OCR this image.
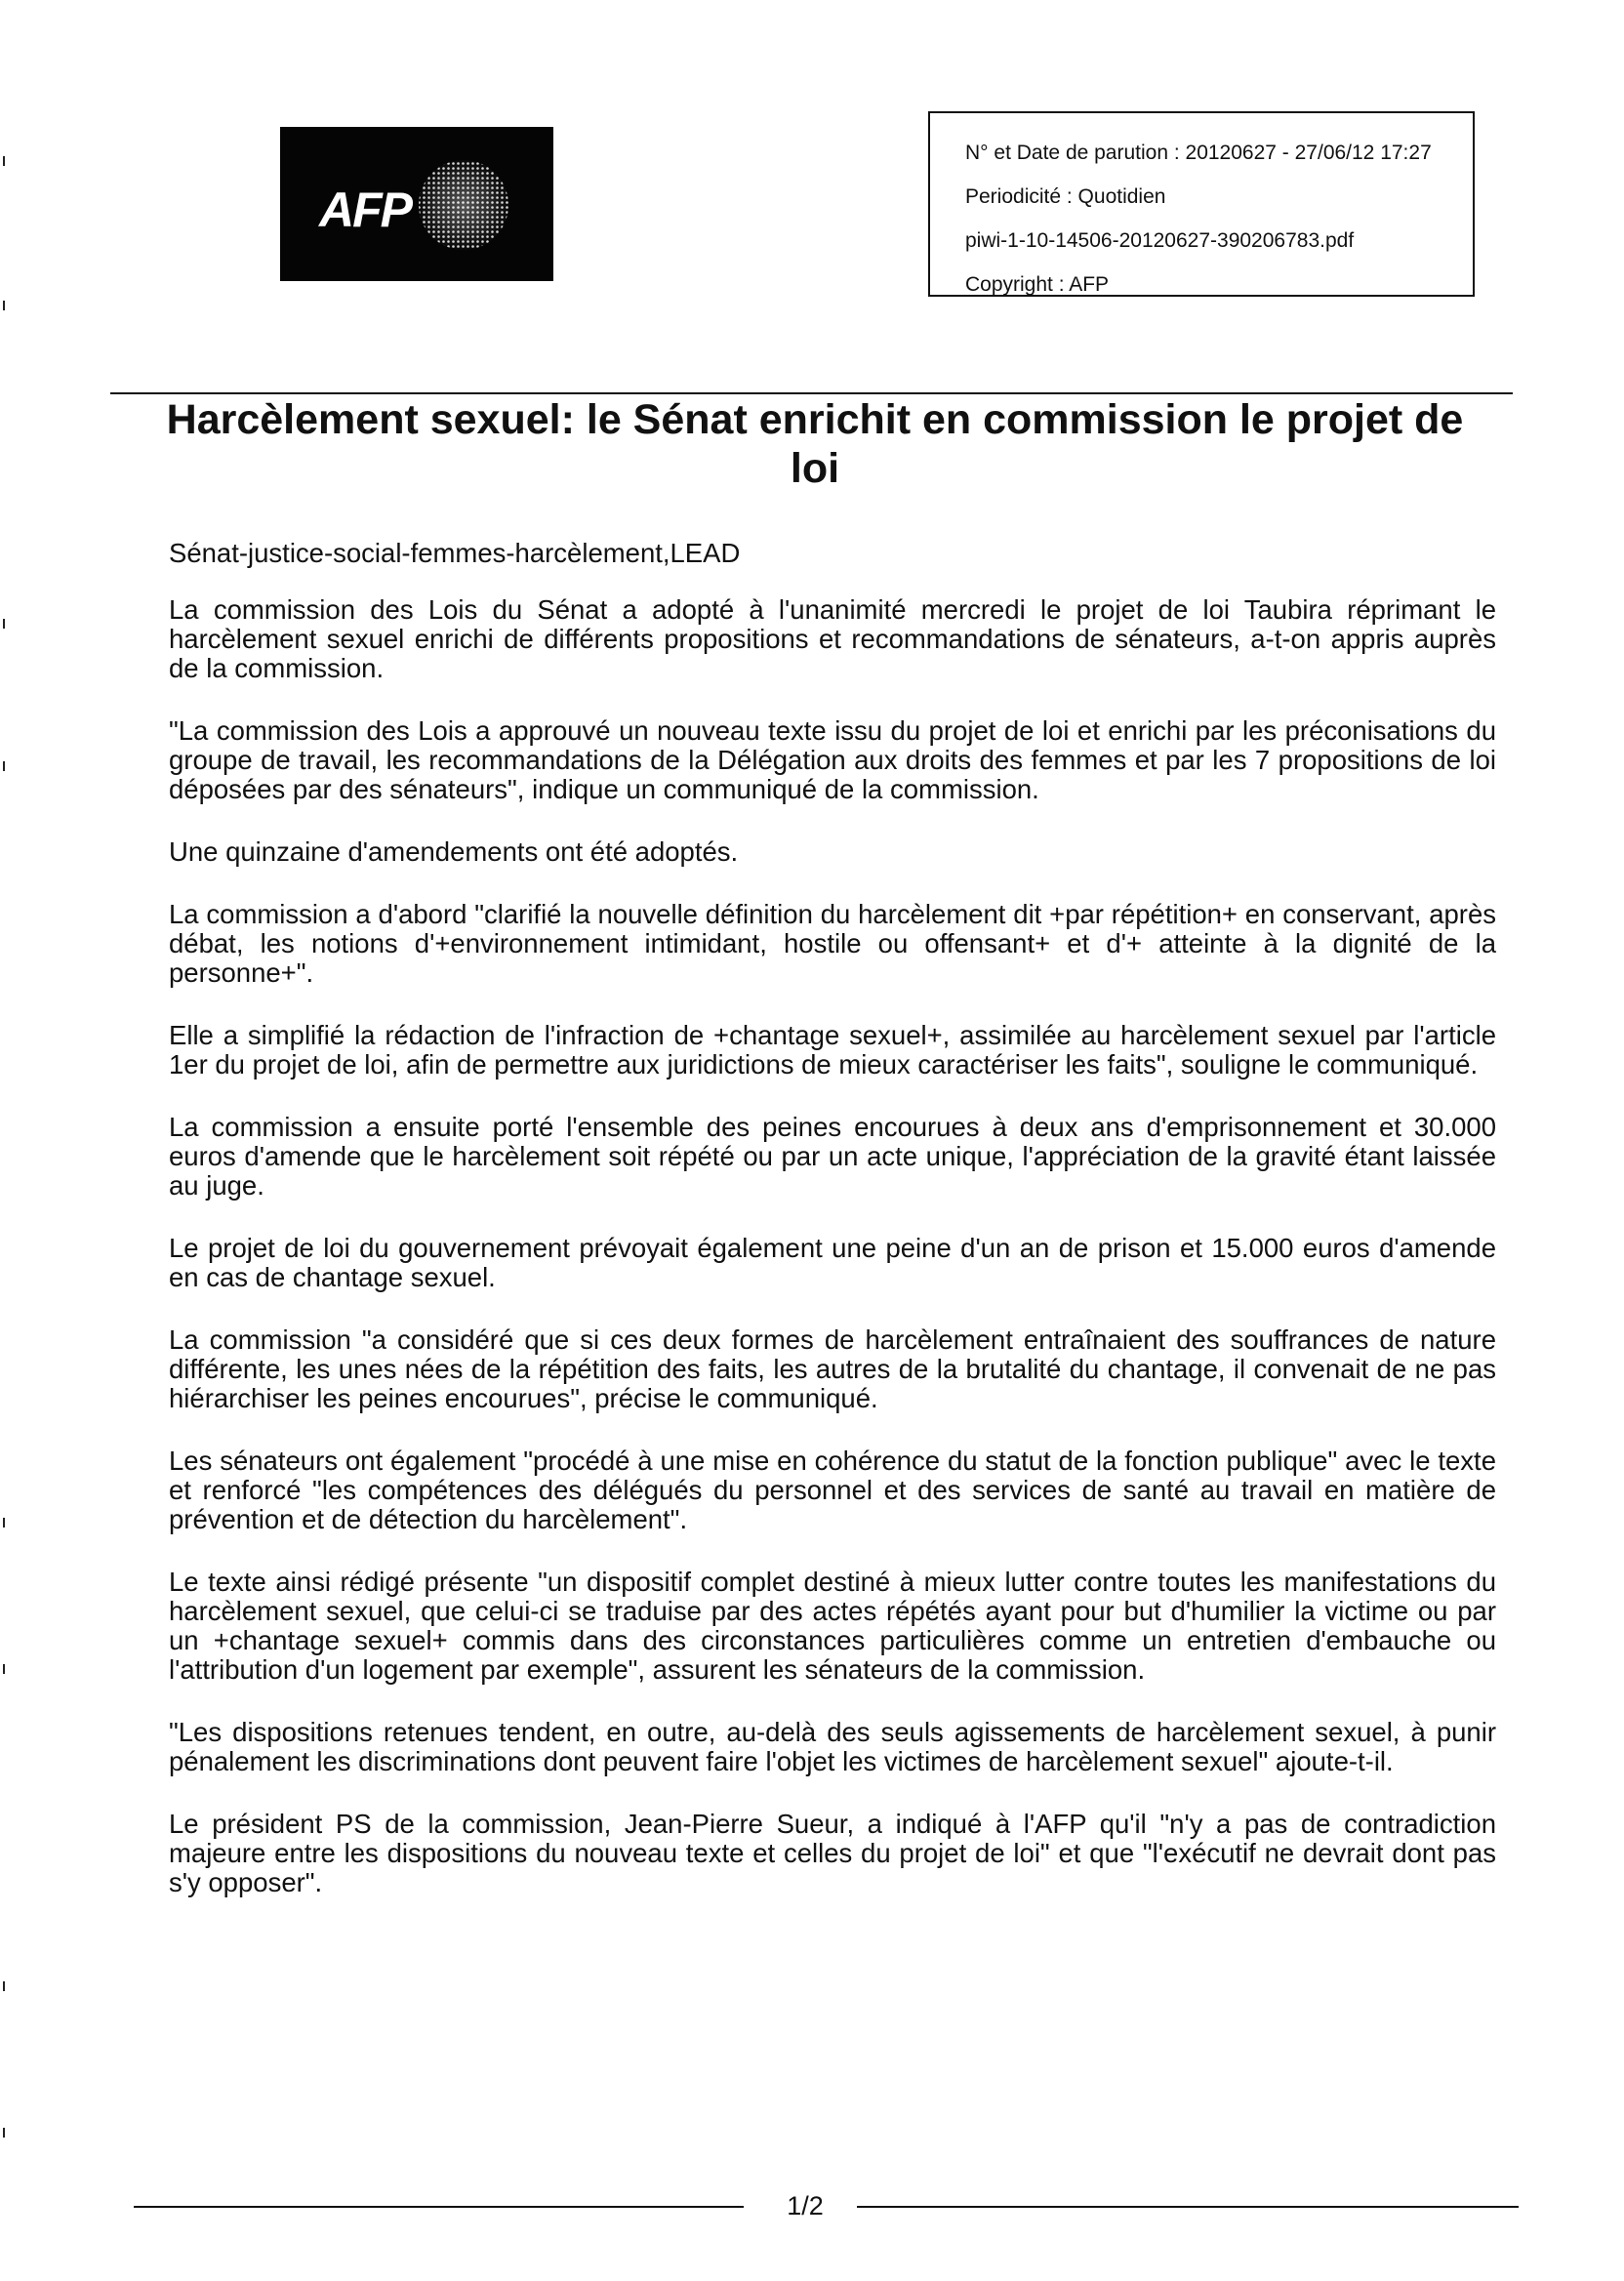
AFP
N° et Date de parution : 20120627 - 27/06/12 17:27
Periodicité : Quotidien
piwi-1-10-14506-20120627-390206783.pdf
Copyright : AFP
Harcèlement sexuel: le Sénat enrichit en commission le projet de loi

Sénat-justice-social-femmes-harcèlement,LEAD

La commission des Lois du Sénat a adopté à l'unanimité mercredi le projet de loi Taubira réprimant le harcèlement sexuel enrichi de différents propositions et recommandations de sénateurs, a-t-on appris auprès de la commission.

"La commission des Lois a approuvé un nouveau texte issu du projet de loi et enrichi par les préconisations du groupe de travail, les recommandations de la Délégation aux droits des femmes et par les 7 propositions de loi déposées par des sénateurs", indique un communiqué de la commission.

Une quinzaine d'amendements ont été adoptés.

La commission a d'abord "clarifié la nouvelle définition du harcèlement dit +par répétition+ en conservant, après débat, les notions d'+environnement intimidant, hostile ou offensant+ et d'+ atteinte à la dignité de la personne+".

Elle a simplifié la rédaction de l'infraction de +chantage sexuel+, assimilée au harcèlement sexuel par l'article 1er du projet de loi, afin de permettre aux juridictions de mieux caractériser les faits", souligne le communiqué.

La commission a ensuite porté l'ensemble des peines encourues à deux ans d'emprisonnement et 30.000 euros d'amende que le harcèlement soit répété ou par un acte unique, l'appréciation de la gravité étant laissée au juge.

Le projet de loi du gouvernement prévoyait également une peine d'un an de prison et 15.000 euros d'amende en cas de chantage sexuel.

La commission "a considéré que si ces deux formes de harcèlement entraînaient des souffrances de nature différente, les unes nées de la répétition des faits, les autres de la brutalité du chantage, il convenait de ne pas hiérarchiser les peines encourues", précise le communiqué.

Les sénateurs ont également "procédé à une mise en cohérence du statut de la fonction publique" avec le texte et renforcé "les compétences des délégués du personnel et des services de santé au travail en matière de prévention et de détection du harcèlement".

Le texte ainsi rédigé présente "un dispositif complet destiné à mieux lutter contre toutes les manifestations du harcèlement sexuel, que celui-ci se traduise par des actes répétés ayant pour but d'humilier la victime ou par un +chantage sexuel+ commis dans des circonstances particulières comme un entretien d'embauche ou l'attribution d'un logement par exemple", assurent les sénateurs de la commission.

"Les dispositions retenues tendent, en outre, au-delà des seuls agissements de harcèlement sexuel, à punir pénalement les discriminations dont peuvent faire l'objet les victimes de harcèlement sexuel" ajoute-t-il.

Le président PS de la commission, Jean-Pierre Sueur, a indiqué à l'AFP qu'il "n'y a pas de contradiction majeure entre les dispositions du nouveau texte et celles du projet de loi" et que "l'exécutif ne devrait dont pas s'y opposer".

1/2
